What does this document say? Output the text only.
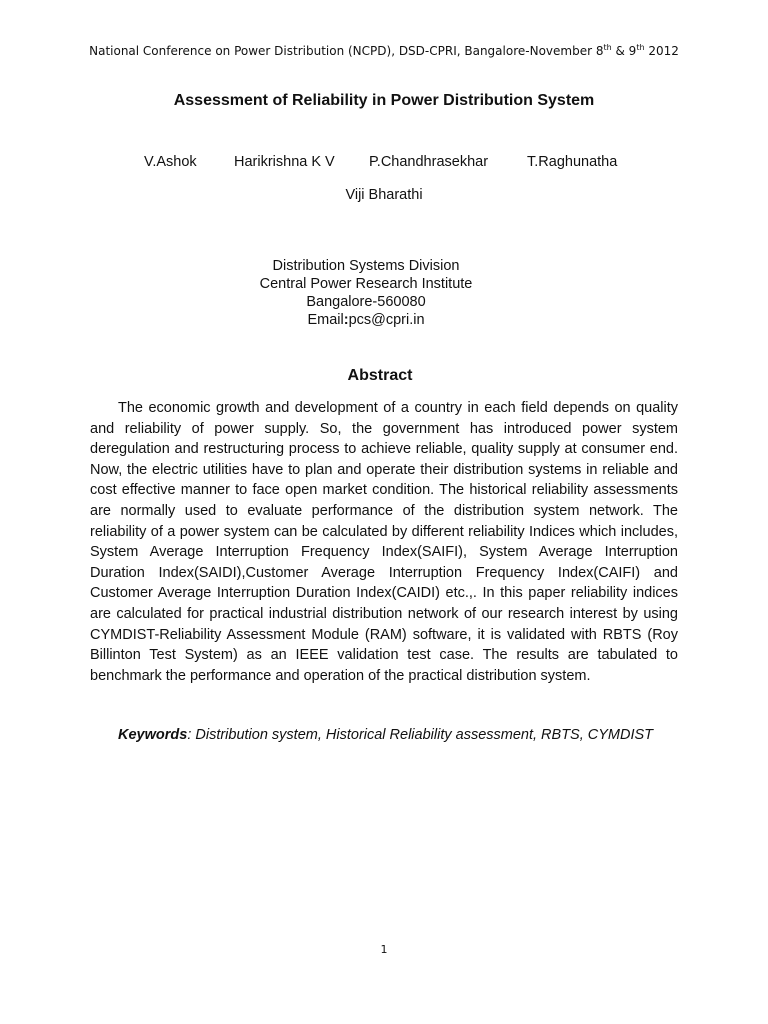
National Conference on Power Distribution (NCPD), DSD-CPRI, Bangalore-November 8th & 9th 2012
Assessment of Reliability in Power Distribution System
V.Ashok	Harikrishna K V P.Chandhrasekhar	T.Raghunatha
Viji Bharathi
Distribution Systems Division
Central Power Research Institute
Bangalore-560080
Email:pcs@cpri.in
Abstract

The economic growth and development of a country in each field depends on quality and reliability of power supply. So, the government has introduced power system deregulation and restructuring process to achieve reliable, quality supply at consumer end. Now, the electric utilities have to plan and operate their distribution systems in reliable and cost effective manner to face open market condition. The historical reliability assessments are normally used to evaluate performance of the distribution system network. The reliability of a power system can be calculated by different reliability Indices which includes, System Average Interruption Frequency Index(SAIFI), System Average Interruption Duration Index(SAIDI),Customer Average Interruption Frequency Index(CAIFI) and Customer Average Interruption Duration Index(CAIDI) etc.,. In this paper reliability indices are calculated for practical industrial distribution network of our research interest by using CYMDIST-Reliability Assessment Module (RAM) software, it is validated with RBTS (Roy Billinton Test System) as an IEEE validation test case. The results are tabulated to benchmark the performance and operation of the practical distribution system.

Keywords: Distribution system, Historical Reliability assessment, RBTS, CYMDIST
1
